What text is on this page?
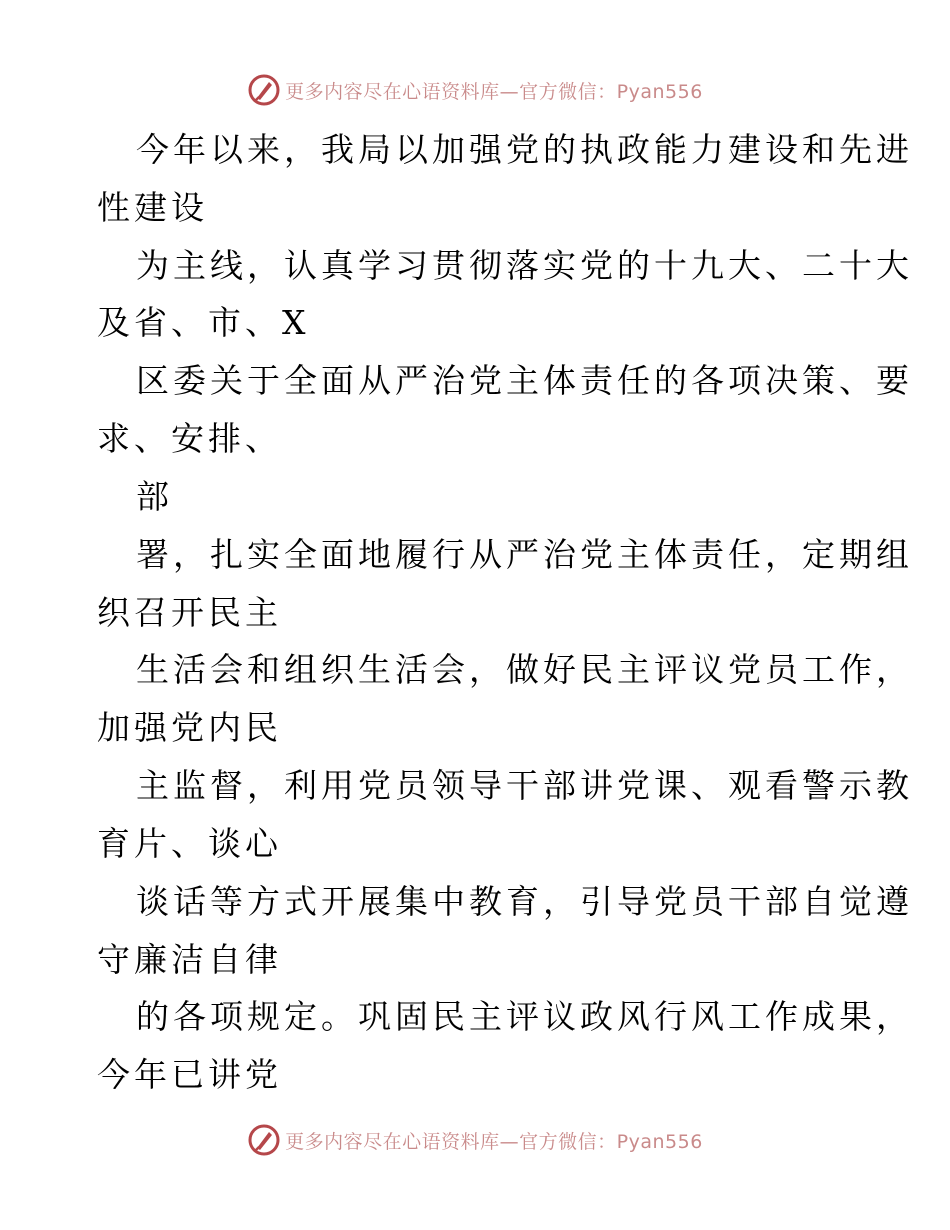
更多内容尽在心语资料库—官方微信：Pyan556
今年以来，我局以加强党的执政能力建设和先进
性建设
为主线，认真学习贯彻落实党的十九大、二十大
及省、市、X
区委关于全面从严治党主体责任的各项决策、要
求、安排、
部
署，扎实全面地履行从严治党主体责任，定期组
织召开民主
生活会和组织生活会，做好民主评议党员工作，
加强党内民
主监督，利用党员领导干部讲党课、观看警示教
育片、谈心
谈话等方式开展集中教育，引导党员干部自觉遵
守廉洁自律
的各项规定。巩固民主评议政风行风工作成果，
今年已讲党
更多内容尽在心语资料库—官方微信：Pyan556
